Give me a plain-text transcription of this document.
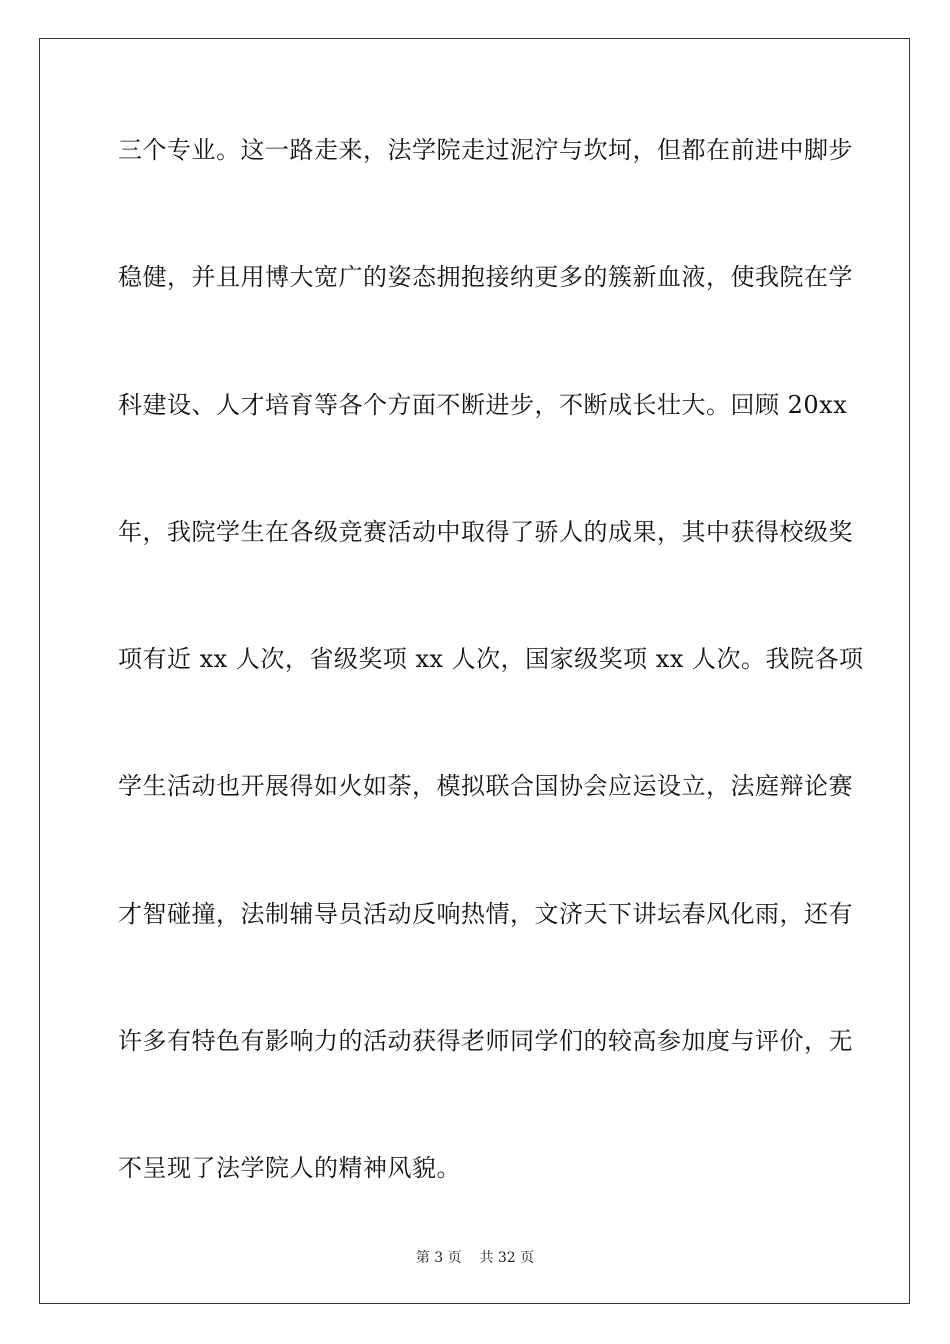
三个专业。这一路走来，法学院走过泥泞与坎坷，但都在前进中脚步
稳健，并且用博大宽广的姿态拥抱接纳更多的簇新血液，使我院在学
科建设、人才培育等各个方面不断进步，不断成长壮大。回顾 20xx
年，我院学生在各级竞赛活动中取得了骄人的成果，其中获得校级奖
项有近 xx 人次，省级奖项 xx 人次，国家级奖项 xx 人次。我院各项
学生活动也开展得如火如荼，模拟联合国协会应运设立，法庭辩论赛
才智碰撞，法制辅导员活动反响热情，文济天下讲坛春风化雨，还有
许多有特色有影响力的活动获得老师同学们的较高参加度与评价，无
不呈现了法学院人的精神风貌。
第 3 页 共 32 页
